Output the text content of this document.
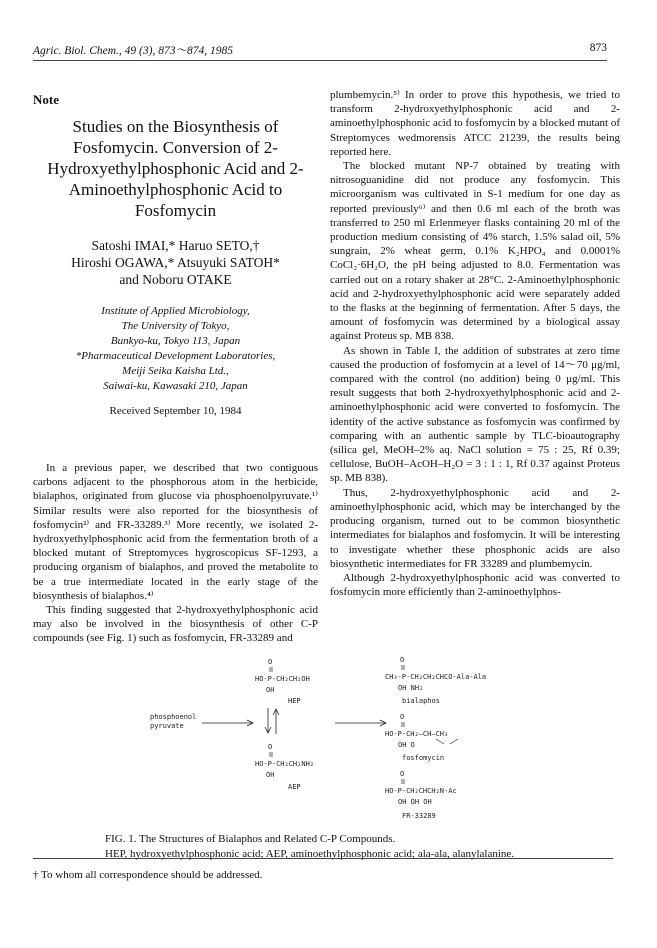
Agric. Biol. Chem., 49 (3), 873～874, 1985	873
Note
Studies on the Biosynthesis of Fosfomycin. Conversion of 2-Hydroxyethylphosphonic Acid and 2-Aminoethylphosphonic Acid to Fosfomycin
Satoshi IMAI,* Haruo SETO,†
Hiroshi OGAWA,* Atsuyuki SATOH*
and Noboru OTAKE
Institute of Applied Microbiology,
The University of Tokyo,
Bunkyo-ku, Tokyo 113, Japan
*Pharmaceutical Development Laboratories,
Meiji Seika Kaisha Ltd.,
Saiwai-ku, Kawasaki 210, Japan
Received September 10, 1984

In a previous paper, we described that two contiguous carbons adjacent to the phosphorous atom in the herbicide, bialaphos, originated from glucose via phosphoenolpyruvate.¹⁾ Similar results were also reported for the biosynthesis of fosfomycin²⁾ and FR-33289.³⁾ More recently, we isolated 2-hydroxyethylphosphonic acid from the fermentation broth of a blocked mutant of Streptomyces hygroscopicus SF-1293, a producing organism of bialaphos, and proved the metabolite to be a true intermediate located in the early stage of the biosynthesis of bialaphos.⁴⁾

This finding suggested that 2-hydroxyethylphosphonic acid may also be involved in the biosynthesis of other C-P compounds (see Fig. 1) such as fosfomycin, FR-33289 and

plumbemycin.⁵⁾ In order to prove this hypothesis, we tried to transform 2-hydroxyethylphosphonic acid and 2-aminoethylphosphonic acid to fosfomycin by a blocked mutant of Streptomyces wedmorensis ATCC 21239, the results being reported here.

The blocked mutant NP-7 obtained by treating with nitrosoguanidine did not produce any fosfomycin. This microorganism was cultivated in S-1 medium for one day as reported previously⁶⁾ and then 0.6 ml each of the broth was transferred to 250 ml Erlenmeyer flasks containing 20 ml of the production medium consisting of 4% starch, 1.5% salad oil, 5% sungrain, 2% wheat germ, 0.1% K₂HPO₄ and 0.0001% CoCl₂·6H₂O, the pH being adjusted to 8.0. Fermentation was carried out on a rotary shaker at 28°C. 2-Aminoethylphosphonic acid and 2-hydroxyethylphosphonic acid were separately added to the flasks at the beginning of fermentation. After 5 days, the amount of fosfomycin was determined by a biological assay against Proteus sp. MB 838.

As shown in Table I, the addition of substrates at zero time caused the production of fosfomycin at a level of 14～70 μg/ml, compared with the control (no addition) being 0 μg/ml. This result suggests that both 2-hydroxyethylphosphonic acid and 2-aminoethylphosphonic acid were converted to fosfomycin. The identity of the active substance as fosfomycin was confirmed by comparing with an authentic sample by TLC-bioautography (silica gel, MeOH–2% aq. NaCl solution = 75 : 25, Rf 0.39; cellulose, BuOH–AcOH–H₂O = 3 : 1 : 1, Rf 0.37 against Proteus sp. MB 838).

Thus, 2-hydroxyethylphosphonic acid and 2-aminoethylphosphonic acid, which may be interchanged by the producing organism, turned out to be common biosynthetic intermediates for bialaphos and fosfomycin. It will be interesting to investigate whether these phosphonic acids are also biosynthetic intermediates for FR 33289 and plumbemycin.

Although 2-hydroxyethylphosphonic acid was converted to fosfomycin more efficiently than 2-aminoethylphos-

phosphoenol
pyruvate
O
HO-P-CH₂CH₂OH
OH
HEP
O
HO-P-CH₂CH₂NH₂
OH
AEP
O
CH₃-P-CH₂CH₂CHCO-Ala-Ala
OH NH₂
bialaphos
O
HO-P-CH₂—CH—CH₃
OH O
fosfomycin
O
HO-P-CH₂CHCH₂N-Ac
OH OH OH
FR-33289
FIG. 1. The Structures of Bialaphos and Related C-P Compounds.
HEP, hydroxyethylphosphonic acid; AEP, aminoethylphosphonic acid; ala-ala, alanylalanine.
† To whom all correspondence should be addressed.
